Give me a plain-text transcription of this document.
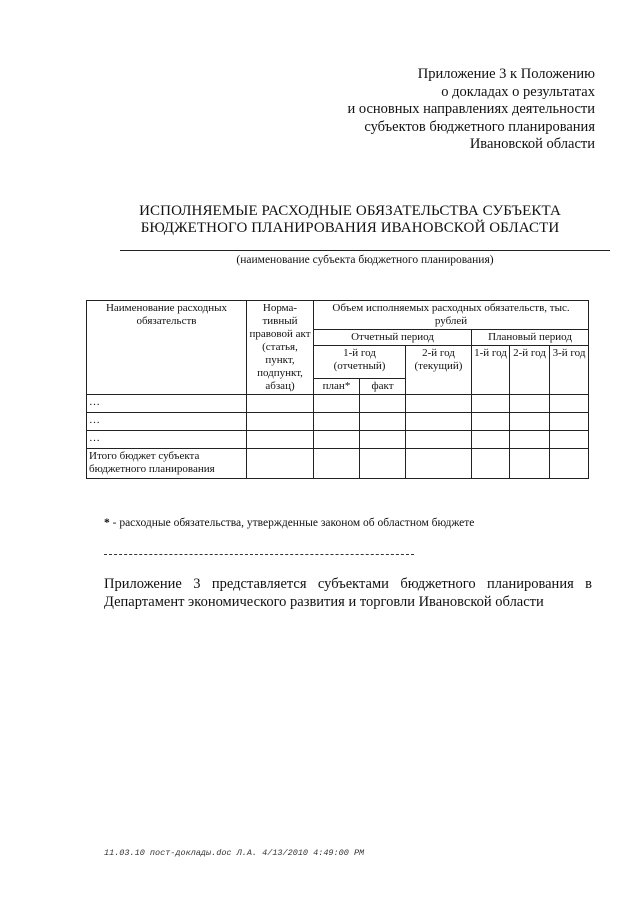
Приложение 3 к Положению
о докладах о результатах
и основных направлениях деятельности
субъектов бюджетного планирования
Ивановской области
ИСПОЛНЯЕМЫЕ РАСХОДНЫЕ ОБЯЗАТЕЛЬСТВА СУБЪЕКТА
БЮДЖЕТНОГО ПЛАНИРОВАНИЯ ИВАНОВСКОЙ ОБЛАСТИ
(наименование субъекта бюджетного планирования)
Наименование расходных обязательств	Норма-тивный правовой акт (статья, пункт, подпункт, абзац)	Объем исполняемых расходных обязательств, тыс. рублей					
		Отчетный период			Плановый период		
		1-й год (отчетный)		2-й год (текущий)	1-й год	2-й год	3-й год
		план*	факт				
…							
…							
…							
Итого бюджет субъекта бюджетного планирования							
* - расходные обязательства, утвержденные законом об областном бюджете
Приложение 3 представляется субъектами бюджетного планирования в Департамент экономического развития и торговли Ивановской области
11.03.10 пост-доклады.doc Л.А. 4/13/2010 4:49:00 PM
